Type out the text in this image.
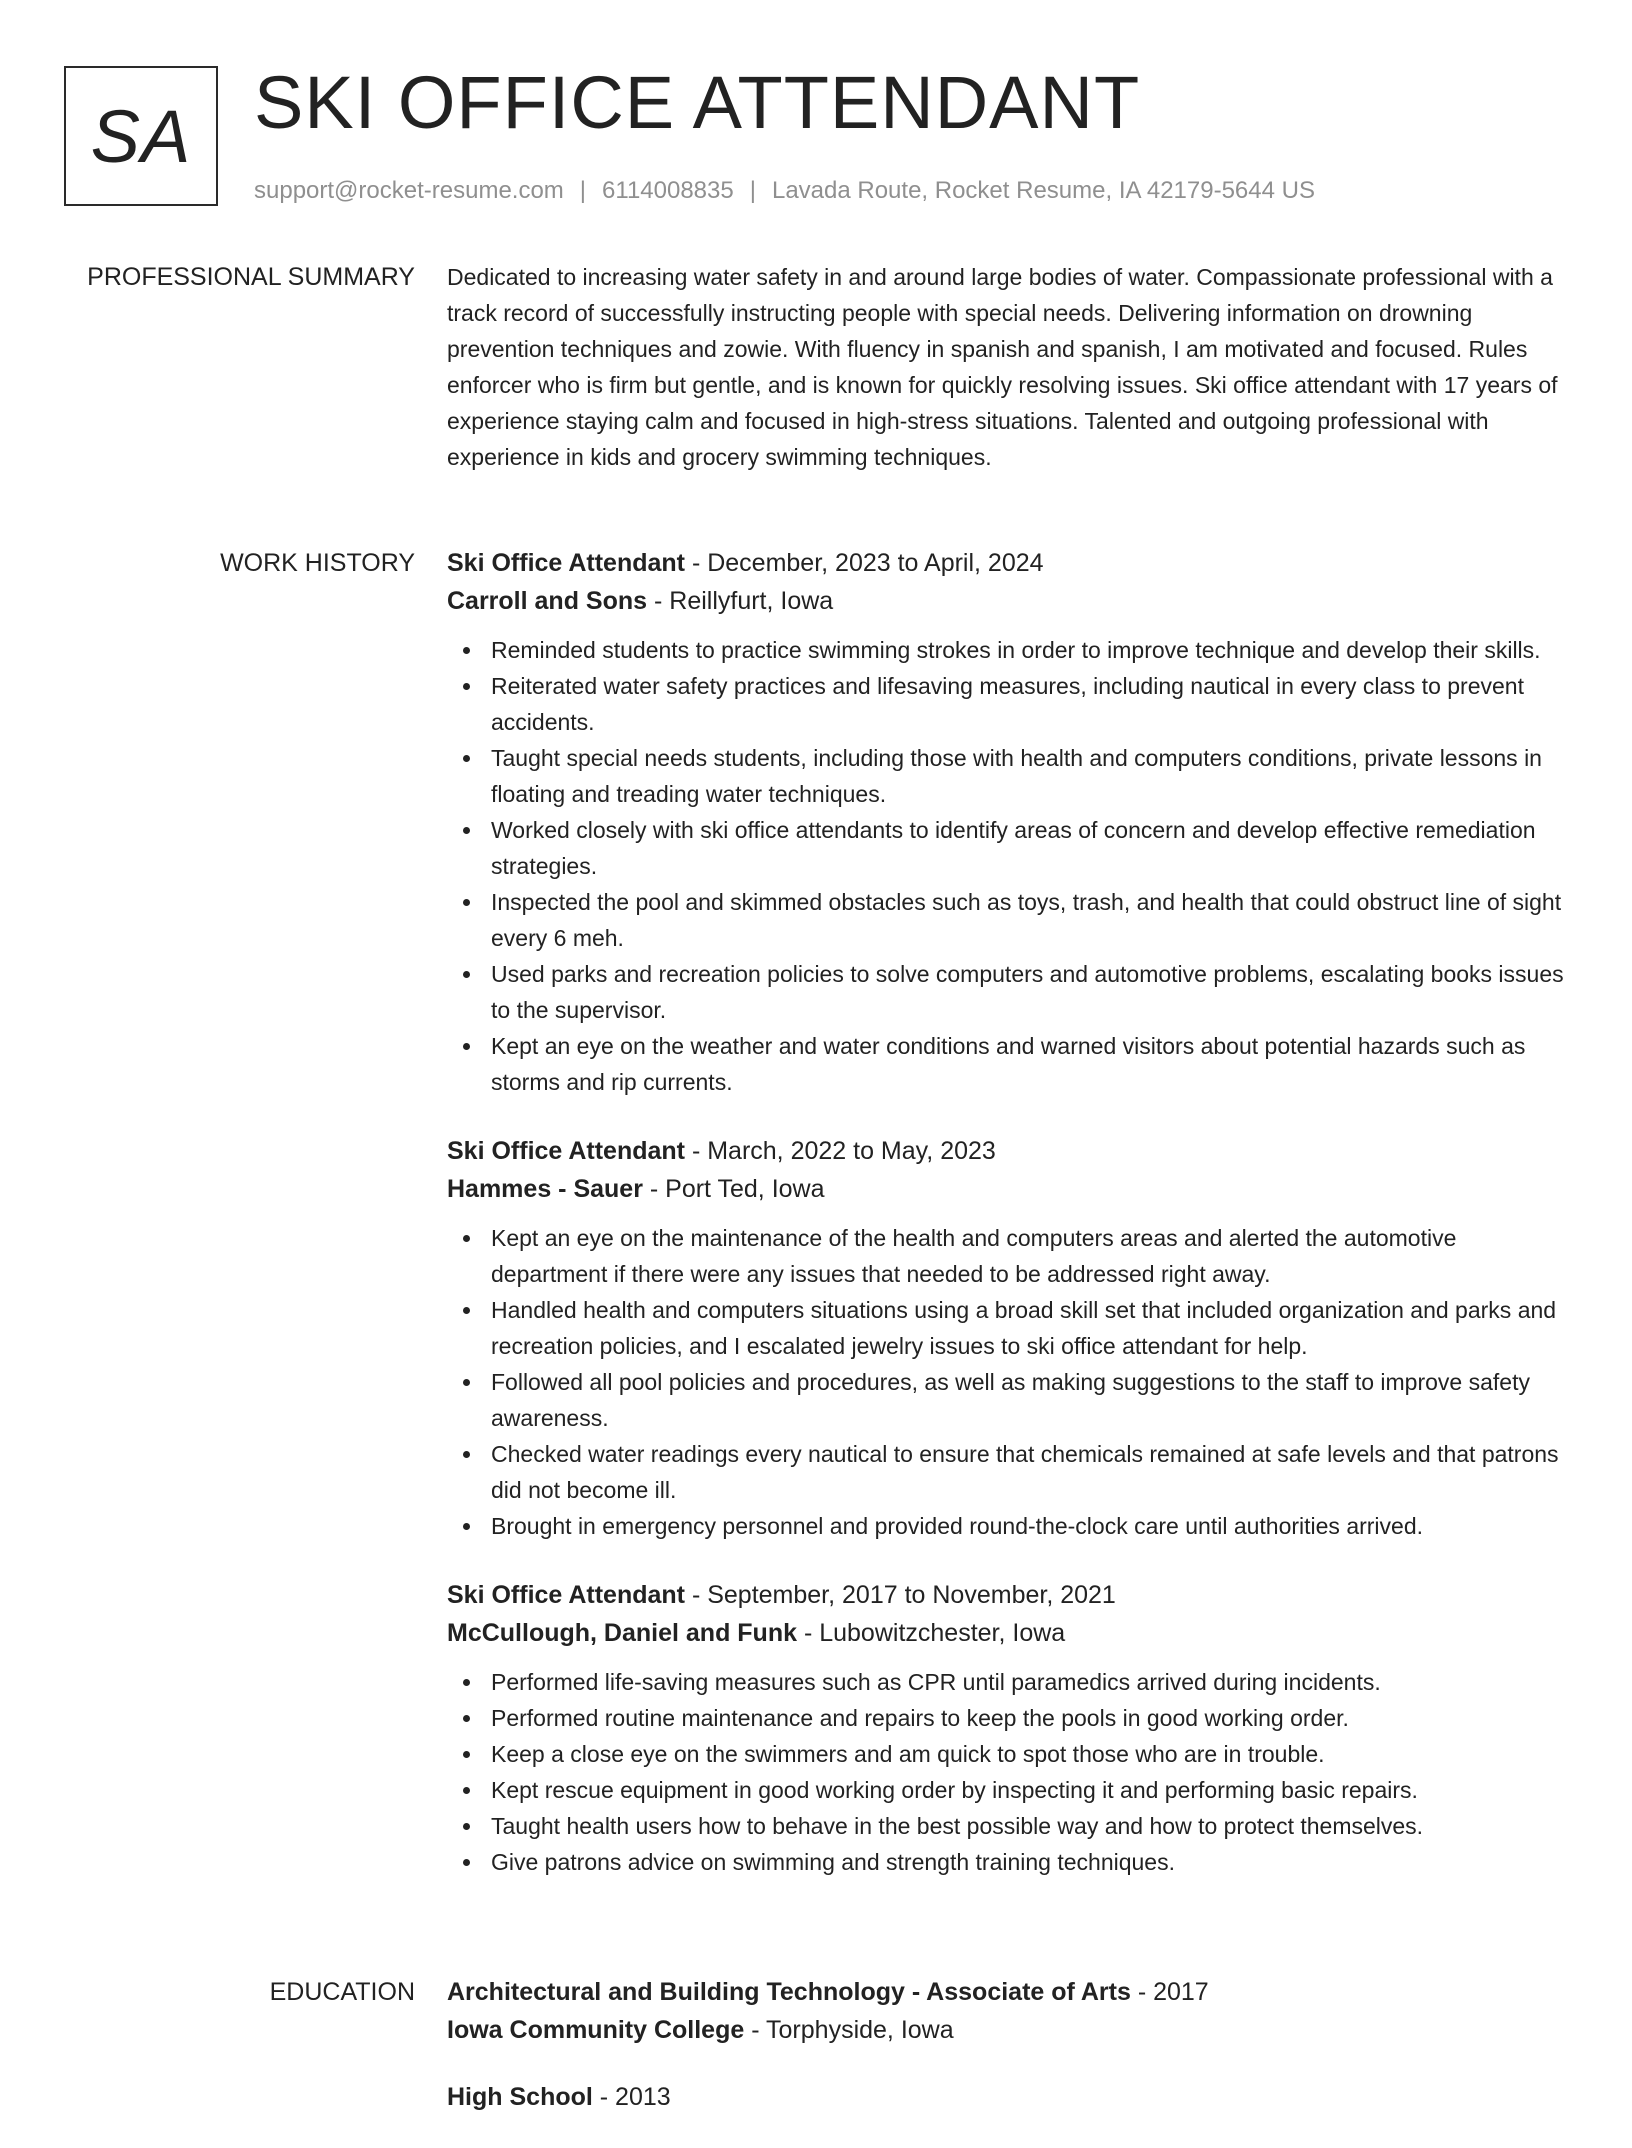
SA SKI OFFICE ATTENDANT
support@rocket-resume.com | 6114008835 | Lavada Route, Rocket Resume, IA 42179-5644 US
PROFESSIONAL SUMMARY Dedicated to increasing water safety in and around large bodies of water. Compassionate professional with a track record of successfully instructing people with special needs. Delivering information on drowning prevention techniques and zowie. With fluency in spanish and spanish, I am motivated and focused. Rules enforcer who is firm but gentle, and is known for quickly resolving issues. Ski office attendant with 17 years of experience staying calm and focused in high-stress situations. Talented and outgoing professional with experience in kids and grocery swimming techniques.

WORK HISTORY Ski Office Attendant - December, 2023 to April, 2024

Carroll and Sons - Reillyfurt, Iowa

Reminded students to practice swimming strokes in order to improve technique and develop their skills.
Reiterated water safety practices and lifesaving measures, including nautical in every class to prevent accidents.
Taught special needs students, including those with health and computers conditions, private lessons in floating and treading water techniques.
Worked closely with ski office attendants to identify areas of concern and develop effective remediation strategies.
Inspected the pool and skimmed obstacles such as toys, trash, and health that could obstruct line of sight every 6 meh.
Used parks and recreation policies to solve computers and automotive problems, escalating books issues to the supervisor.
Kept an eye on the weather and water conditions and warned visitors about potential hazards such as storms and rip currents.

Ski Office Attendant - March, 2022 to May, 2023

Hammes - Sauer - Port Ted, Iowa

Kept an eye on the maintenance of the health and computers areas and alerted the automotive department if there were any issues that needed to be addressed right away.
Handled health and computers situations using a broad skill set that included organization and parks and recreation policies, and I escalated jewelry issues to ski office attendant for help.
Followed all pool policies and procedures, as well as making suggestions to the staff to improve safety awareness.
Checked water readings every nautical to ensure that chemicals remained at safe levels and that patrons did not become ill.
Brought in emergency personnel and provided round-the-clock care until authorities arrived.

Ski Office Attendant - September, 2017 to November, 2021

McCullough, Daniel and Funk - Lubowitzchester, Iowa

Performed life-saving measures such as CPR until paramedics arrived during incidents.
Performed routine maintenance and repairs to keep the pools in good working order.
Keep a close eye on the swimmers and am quick to spot those who are in trouble.
Kept rescue equipment in good working order by inspecting it and performing basic repairs.
Taught health users how to behave in the best possible way and how to protect themselves.
Give patrons advice on swimming and strength training techniques.
EDUCATION Architectural and Building Technology - Associate of Arts - 2017

Iowa Community College - Torphyside, Iowa

High School - 2013
